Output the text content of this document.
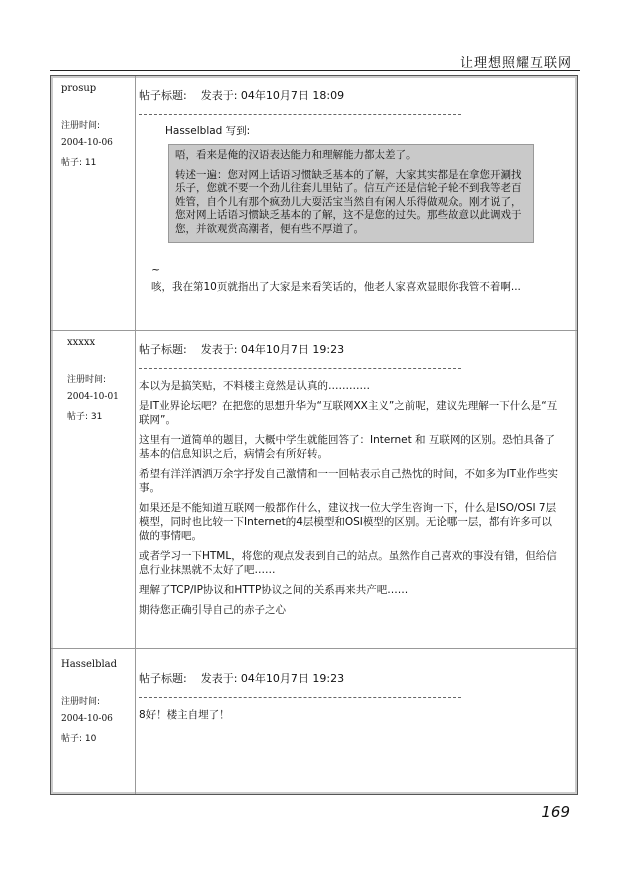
让理想照耀互联网
prosup
注册时间:
2004-10-06
帖子: 11
帖子标题: 发表于: 04年10月7日 18:09
Hasselblad 写到:

唔，看来是俺的汉语表达能力和理解能力都太差了。

转述一遍：您对网上话语习惯缺乏基本的了解，大家其实都是在拿您开涮找乐子，您就不要一个劲儿往套儿里钻了。信互产还是信轮子轮不到我等老百姓管，自个儿有那个疯劲儿大耍活宝当然自有闲人乐得做观众。刚才说了，您对网上话语习惯缺乏基本的了解，这不是您的过失。那些故意以此调戏于您，并欲观赏高潮者，便有些不厚道了。

~

咳，我在第10页就指出了大家是来看笑话的，他老人家喜欢显眼你我管不着啊...

xxxxx
注册时间:
2004-10-01
帖子: 31
帖子标题: 发表于: 04年10月7日 19:23

本以为是搞笑贴，不料楼主竟然是认真的…………

是IT业界论坛吧？在把您的思想升华为“互联网XX主义”之前呢，建议先理解一下什么是“互联网”。

这里有一道简单的题目，大概中学生就能回答了：Internet 和 互联网的区别。恐怕具备了基本的信息知识之后，病情会有所好转。

希望有洋洋洒洒万余字抒发自己激情和一一回帖表示自己热忱的时间，不如多为IT业作些实事。

如果还是不能知道互联网一般都作什么，建议找一位大学生咨询一下，什么是ISO/OSI 7层模型，同时也比较一下Internet的4层模型和OSI模型的区别。无论哪一层，都有许多可以做的事情吧。

或者学习一下HTML，将您的观点发表到自己的站点。虽然作自己喜欢的事没有错，但给信息行业抹黑就不太好了吧……

理解了TCP/IP协议和HTTP协议之间的关系再来共产吧……

期待您正确引导自己的赤子之心

Hasselblad
注册时间:
2004-10-06
帖子: 10
帖子标题: 发表于: 04年10月7日 19:23

8好！楼主自埋了！

169
